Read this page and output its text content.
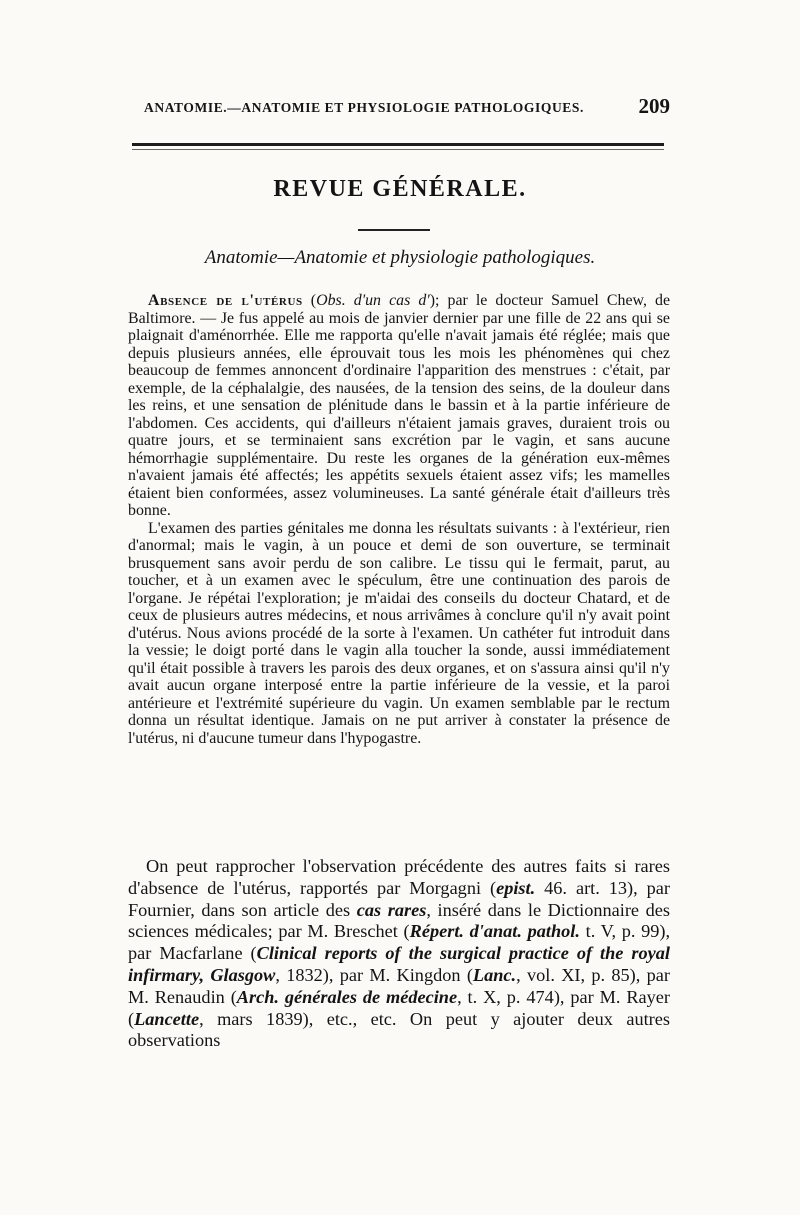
ANATOMIE.—ANATOMIE ET PHYSIOLOGIE PATHOLOGIQUES.	209
REVUE GÉNÉRALE.
Anatomie—Anatomie et physiologie pathologiques.

Absence de l'utérus (Obs. d'un cas d'); par le docteur Samuel Chew, de Baltimore. — Je fus appelé au mois de janvier dernier par une fille de 22 ans qui se plaignait d'aménorrhée. Elle me rapporta qu'elle n'avait jamais été réglée; mais que depuis plusieurs années, elle éprouvait tous les mois les phénomènes qui chez beaucoup de femmes annoncent d'ordinaire l'apparition des menstrues : c'était, par exemple, de la céphalalgie, des nausées, de la tension des seins, de la douleur dans les reins, et une sensation de plénitude dans le bassin et à la partie inférieure de l'abdomen. Ces accidents, qui d'ailleurs n'étaient jamais graves, duraient trois ou quatre jours, et se terminaient sans excrétion par le vagin, et sans aucune hémorrhagie supplémentaire. Du reste les organes de la génération eux-mêmes n'avaient jamais été affectés; les appétits sexuels étaient assez vifs; les mamelles étaient bien conformées, assez volumineuses. La santé générale était d'ailleurs très bonne.

L'examen des parties génitales me donna les résultats suivants : à l'extérieur, rien d'anormal; mais le vagin, à un pouce et demi de son ouverture, se terminait brusquement sans avoir perdu de son calibre. Le tissu qui le fermait, parut, au toucher, et à un examen avec le spéculum, être une continuation des parois de l'organe. Je répétai l'exploration; je m'aidai des conseils du docteur Chatard, et de ceux de plusieurs autres médecins, et nous arrivâmes à conclure qu'il n'y avait point d'utérus. Nous avions procédé de la sorte à l'examen. Un cathéter fut introduit dans la vessie; le doigt porté dans le vagin alla toucher la sonde, aussi immédiatement qu'il était possible à travers les parois des deux organes, et on s'assura ainsi qu'il n'y avait aucun organe interposé entre la partie inférieure de la vessie, et la paroi antérieure et l'extrémité supérieure du vagin. Un examen semblable par le rectum donna un résultat identique. Jamais on ne put arriver à constater la présence de l'utérus, ni d'aucune tumeur dans l'hypogastre.

On peut rapprocher l'observation précédente des autres faits si rares d'absence de l'utérus, rapportés par Morgagni (epist. 46. art. 13), par Fournier, dans son article des cas rares, inséré dans le Dictionnaire des sciences médicales; par M. Breschet (Répert. d'anat. pathol. t. V, p. 99), par Macfarlane (Clinical reports of the surgical practice of the royal infirmary, Glasgow, 1832), par M. Kingdon (Lanc., vol. XI, p. 85), par M. Renaudin (Arch. générales de médecine, t. X, p. 474), par M. Rayer (Lancette, mars 1839), etc., etc. On peut y ajouter deux autres observations
